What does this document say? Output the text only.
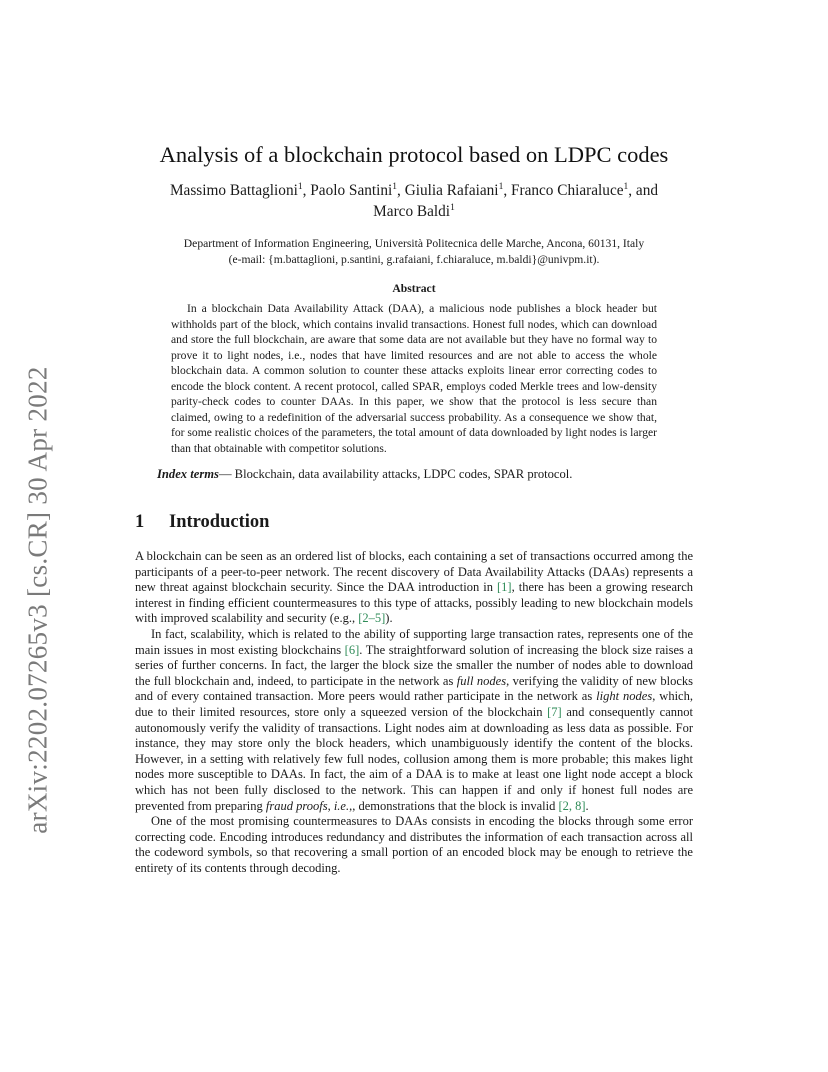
arXiv:2202.07265v3 [cs.CR] 30 Apr 2022
Analysis of a blockchain protocol based on LDPC codes
Massimo Battaglioni$^1$, Paolo Santini$^1$, Giulia Rafaiani$^1$, Franco Chiaraluce$^1$, and
Marco Baldi$^1$
Department of Information Engineering, Università Politecnica delle Marche, Ancona, 60131, Italy
(e-mail: {m.battaglioni, p.santini, g.rafaiani, f.chiaraluce, m.baldi}@univpm.it).
Abstract

In a blockchain Data Availability Attack (DAA), a malicious node publishes a block header but withholds part of the block, which contains invalid transactions. Honest full nodes, which can download and store the full blockchain, are aware that some data are not available but they have no formal way to prove it to light nodes, i.e., nodes that have limited resources and are not able to access the whole blockchain data. A common solution to counter these attacks exploits linear error correcting codes to encode the block content. A recent protocol, called SPAR, employs coded Merkle trees and low-density parity-check codes to counter DAAs. In this paper, we show that the protocol is less secure than claimed, owing to a redefinition of the adversarial success probability. As a consequence we show that, for some realistic choices of the parameters, the total amount of data downloaded by light nodes is larger than that obtainable with competitor solutions.

Index terms— Blockchain, data availability attacks, LDPC codes, SPAR protocol.

1 Introduction

A blockchain can be seen as an ordered list of blocks, each containing a set of transactions occurred among the participants of a peer-to-peer network. The recent discovery of Data Availability Attacks (DAAs) represents a new threat against blockchain security. Since the DAA introduction in [1], there has been a growing research interest in finding efficient countermeasures to this type of attacks, possibly leading to new blockchain models with improved scalability and security (e.g., [2–5]).

In fact, scalability, which is related to the ability of supporting large transaction rates, represents one of the main issues in most existing blockchains [6]. The straightforward solution of increasing the block size raises a series of further concerns. In fact, the larger the block size the smaller the number of nodes able to download the full blockchain and, indeed, to participate in the network as full nodes, verifying the validity of new blocks and of every contained transaction. More peers would rather participate in the network as light nodes, which, due to their limited resources, store only a squeezed version of the blockchain [7] and consequently cannot autonomously verify the validity of transactions. Light nodes aim at downloading as less data as possible. For instance, they may store only the block headers, which unambiguously identify the content of the blocks. However, in a setting with relatively few full nodes, collusion among them is more probable; this makes light nodes more susceptible to DAAs. In fact, the aim of a DAA is to make at least one light node accept a block which has not been fully disclosed to the network. This can happen if and only if honest full nodes are prevented from preparing fraud proofs, i.e.,, demonstrations that the block is invalid [2, 8].

One of the most promising countermeasures to DAAs consists in encoding the blocks through some error correcting code. Encoding introduces redundancy and distributes the information of each transaction across all the codeword symbols, so that recovering a small portion of an encoded block may be enough to retrieve the entirety of its contents through decoding.
